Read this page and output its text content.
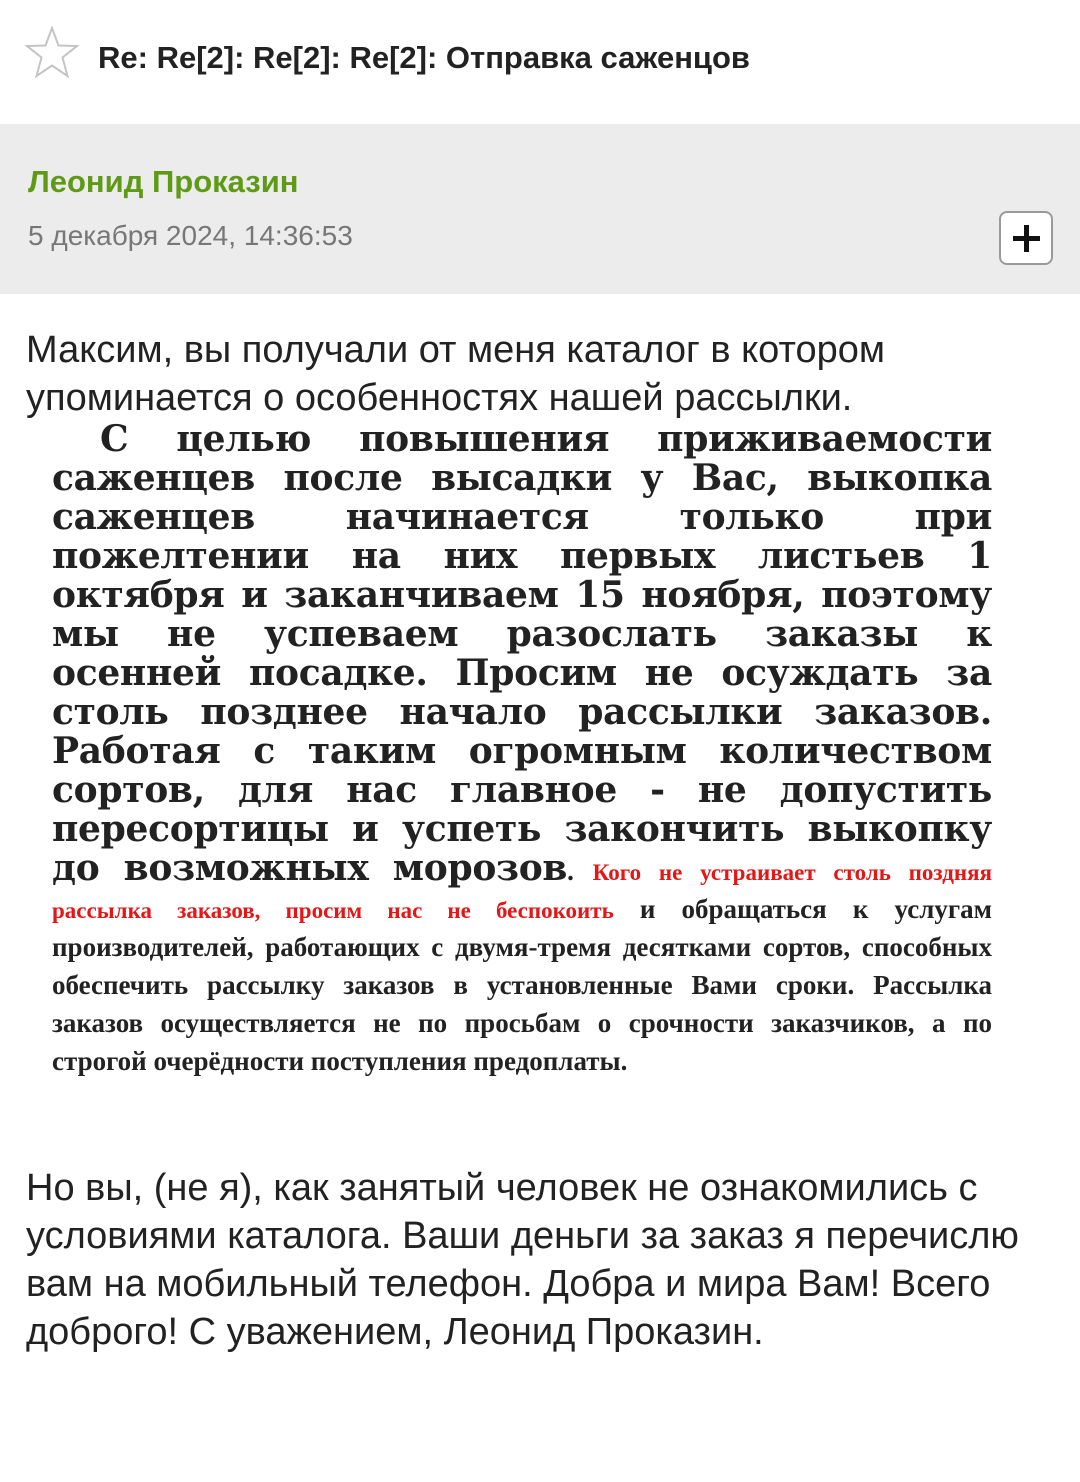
Re: Re[2]: Re[2]: Re[2]: Отправка саженцов
Леонид Проказин
5 декабря 2024, 14:36:53

Максим, вы получали от меня каталог в котором упоминается о особенностях нашей рассылки.

С целью повышения приживаемости саженцев после высадки у Вас, выкопка саженцев начинается только при пожелтении на них первых листьев 1 октября и заканчиваем 15 ноября, поэтому мы не успеваем разослать заказы к осенней посадке. Просим не осуждать за столь позднее начало рассылки заказов. Работая с таким огромным количеством сортов, для нас главное - не допустить пересортицы и успеть закончить выкопку до возможных морозов. Кого не устраивает столь поздняя рассылка заказов, просим нас не беспокоить и обращаться к услугам производителей, работающих с двумя-тремя десятками сортов, способных обеспечить рассылку заказов в установленные Вами сроки. Рассылка заказов осуществляется не по просьбам о срочности заказчиков, а по строгой очерёдности поступления предоплаты.

Но вы, (не я), как занятый человек не ознакомились с условиями каталога. Ваши деньги за заказ я перечислю вам на мобильный телефон. Добра и мира Вам! Всего доброго! С уважением, Леонид Проказин.
